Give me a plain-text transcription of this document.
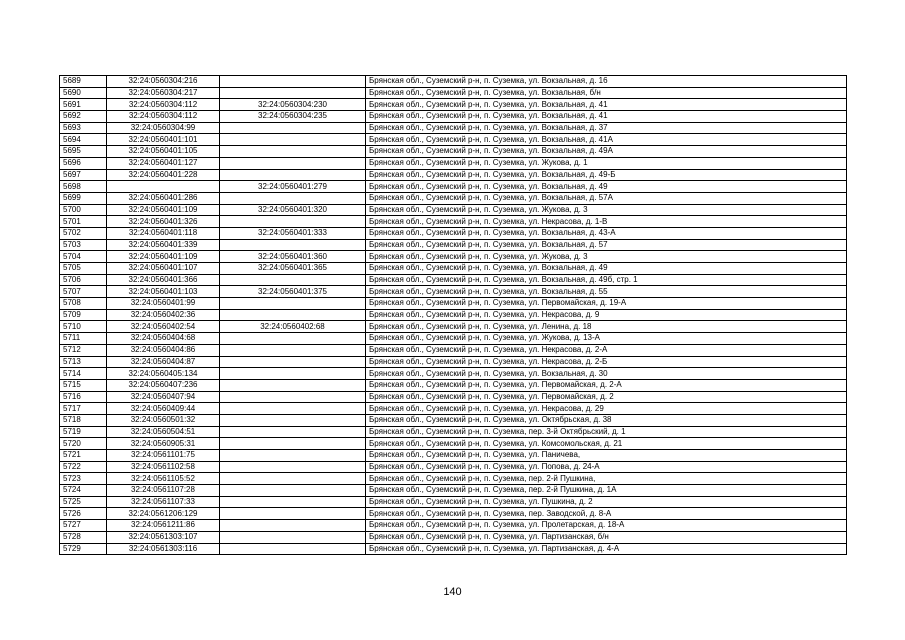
5689	32:24:0560304:216		Брянская обл., Суземский р-н, п. Суземка, ул. Вокзальная, д. 16
5690	32:24:0560304:217		Брянская обл., Суземский р-н, п. Суземка, ул. Вокзальная, б/н
5691	32:24:0560304:112	32:24:0560304:230	Брянская обл., Суземский р-н, п. Суземка, ул. Вокзальная, д. 41
5692	32:24:0560304:112	32:24:0560304:235	Брянская обл., Суземский р-н, п. Суземка, ул. Вокзальная, д. 41
5693	32:24:0560304:99		Брянская обл., Суземский р-н, п. Суземка, ул. Вокзальная, д. 37
5694	32:24:0560401:101		Брянская обл., Суземский р-н, п. Суземка, ул. Вокзальная, д. 41А
5695	32:24:0560401:105		Брянская обл., Суземский р-н, п. Суземка, ул. Вокзальная, д. 49А
5696	32:24:0560401:127		Брянская обл., Суземский р-н, п. Суземка, ул. Жукова, д. 1
5697	32:24:0560401:228		Брянская обл., Суземский р-н, п. Суземка, ул. Вокзальная, д. 49-Б
5698		32:24:0560401:279	Брянская обл., Суземский р-н, п. Суземка, ул. Вокзальная, д. 49
5699	32:24:0560401:286		Брянская обл., Суземский р-н, п. Суземка, ул. Вокзальная, д. 57А
5700	32:24:0560401:109	32:24:0560401:320	Брянская обл., Суземский р-н, п. Суземка, ул. Жукова, д. 3
5701	32:24:0560401:326		Брянская обл., Суземский р-н, п. Суземка, ул. Некрасова, д. 1-В
5702	32:24:0560401:118	32:24:0560401:333	Брянская обл., Суземский р-н, п. Суземка, ул. Вокзальная, д. 43-А
5703	32:24:0560401:339		Брянская обл., Суземский р-н, п. Суземка, ул. Вокзальная, д. 57
5704	32:24:0560401:109	32:24:0560401:360	Брянская обл., Суземский р-н, п. Суземка, ул. Жукова, д. 3
5705	32:24:0560401:107	32:24:0560401:365	Брянская обл., Суземский р-н, п. Суземка, ул. Вокзальная, д. 49
5706	32:24:0560401:366		Брянская обл., Суземский р-н, п. Суземка, ул. Вокзальная, д. 49б, стр. 1
5707	32:24:0560401:103	32:24:0560401:375	Брянская обл., Суземский р-н, п. Суземка, ул. Вокзальная, д. 55
5708	32:24:0560401:99		Брянская обл., Суземский р-н, п. Суземка, ул. Первомайская, д. 19-А
5709	32:24:0560402:36		Брянская обл., Суземский р-н, п. Суземка, ул. Некрасова, д. 9
5710	32:24:0560402:54	32:24:0560402:68	Брянская обл., Суземский р-н, п. Суземка, ул. Ленина, д. 18
5711	32:24:0560404:68		Брянская обл., Суземский р-н, п. Суземка, ул. Жукова, д. 13-А
5712	32:24:0560404:86		Брянская обл., Суземский р-н, п. Суземка, ул. Некрасова, д. 2-А
5713	32:24:0560404:87		Брянская обл., Суземский р-н, п. Суземка, ул. Некрасова, д. 2-Б
5714	32:24:0560405:134		Брянская обл., Суземский р-н, п. Суземка, ул. Вокзальная, д. 30
5715	32:24:0560407:236		Брянская обл., Суземский р-н, п. Суземка, ул. Первомайская, д. 2-А
5716	32:24:0560407:94		Брянская обл., Суземский р-н, п. Суземка, ул. Первомайская, д. 2
5717	32:24:0560409:44		Брянская обл., Суземский р-н, п. Суземка, ул. Некрасова, д. 29
5718	32:24:0560501:32		Брянская обл., Суземский р-н, п. Суземка, ул. Октябрьская, д. 38
5719	32:24:0560504:51		Брянская обл., Суземский р-н, п. Суземка, пер. 3-й Октябрьский, д. 1
5720	32:24:0560905:31		Брянская обл., Суземский р-н, п. Суземка, ул. Комсомольская, д. 21
5721	32:24:0561101:75		Брянская обл., Суземский р-н, п. Суземка, ул. Паничева,
5722	32:24:0561102:58		Брянская обл., Суземский р-н, п. Суземка, ул. Попова, д. 24-А
5723	32:24:0561105:52		Брянская обл., Суземский р-н, п. Суземка, пер. 2-й Пушкина,
5724	32:24:0561107:28		Брянская обл., Суземский р-н, п. Суземка, пер. 2-й Пушкина, д. 1А
5725	32:24:0561107:33		Брянская обл., Суземский р-н, п. Суземка, ул. Пушкина, д. 2
5726	32:24:0561206:129		Брянская обл., Суземский р-н, п. Суземка, пер. Заводской, д. 8-А
5727	32:24:0561211:86		Брянская обл., Суземский р-н, п. Суземка, ул. Пролетарская, д. 18-А
5728	32:24:0561303:107		Брянская обл., Суземский р-н, п. Суземка, ул. Партизанская, б/н
5729	32:24:0561303:116		Брянская обл., Суземский р-н, п. Суземка, ул. Партизанская, д. 4-А
140
